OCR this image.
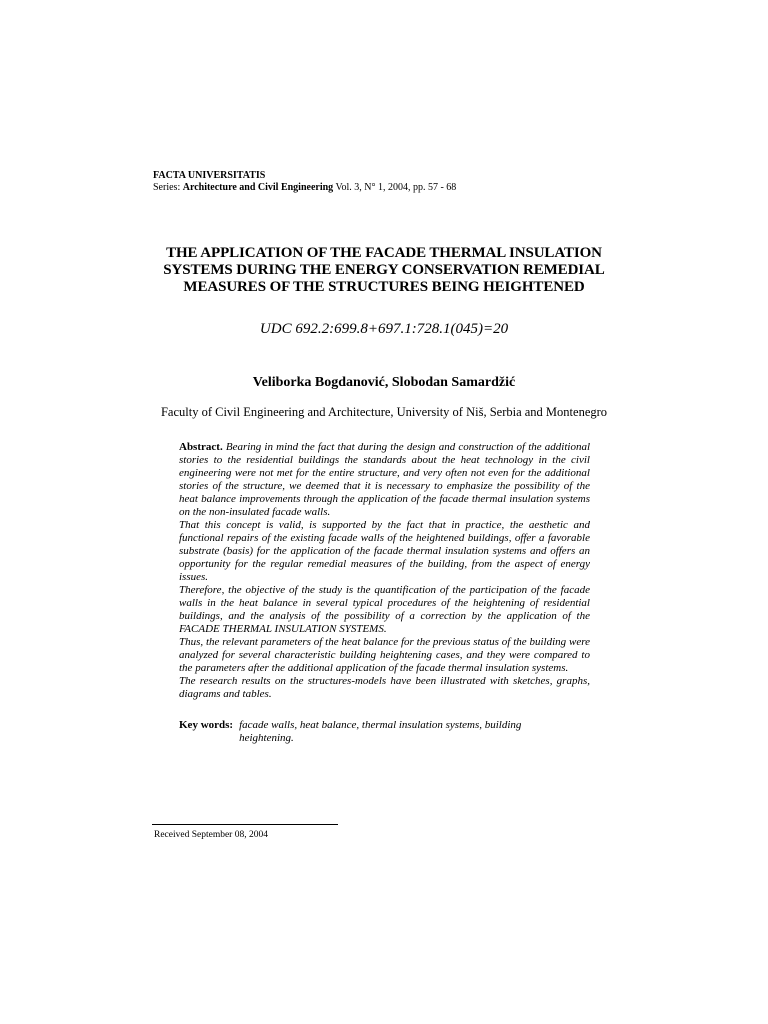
FACTA UNIVERSITATIS
Series: Architecture and Civil Engineering Vol. 3, N° 1, 2004, pp. 57 - 68
THE APPLICATION OF THE FACADE THERMAL INSULATION SYSTEMS DURING THE ENERGY CONSERVATION REMEDIAL MEASURES OF THE STRUCTURES BEING HEIGHTENED
UDC 692.2:699.8+697.1:728.1(045)=20
Veliborka Bogdanović, Slobodan Samardžić
Faculty of Civil Engineering and Architecture, University of Niš, Serbia and Montenegro

Abstract. Bearing in mind the fact that during the design and construction of the additional stories to the residential buildings the standards about the heat technology in the civil engineering were not met for the entire structure, and very often not even for the additional stories of the structure, we deemed that it is necessary to emphasize the possibility of the heat balance improvements through the application of the facade thermal insulation systems on the non-insulated facade walls.

That this concept is valid, is supported by the fact that in practice, the aesthetic and functional repairs of the existing facade walls of the heightened buildings, offer a favorable substrate (basis) for the application of the facade thermal insulation systems and offers an opportunity for the regular remedial measures of the building, from the aspect of energy issues.

Therefore, the objective of the study is the quantification of the participation of the facade walls in the heat balance in several typical procedures of the heightening of residential buildings, and the analysis of the possibility of a correction by the application of the FACADE THERMAL INSULATION SYSTEMS.

Thus, the relevant parameters of the heat balance for the previous status of the building were analyzed for several characteristic building heightening cases, and they were compared to the parameters after the additional application of the facade thermal insulation systems.

The research results on the structures-models have been illustrated with sketches, graphs, diagrams and tables.

Key words: facade walls, heat balance, thermal insulation systems, building heightening.
Received September 08, 2004
